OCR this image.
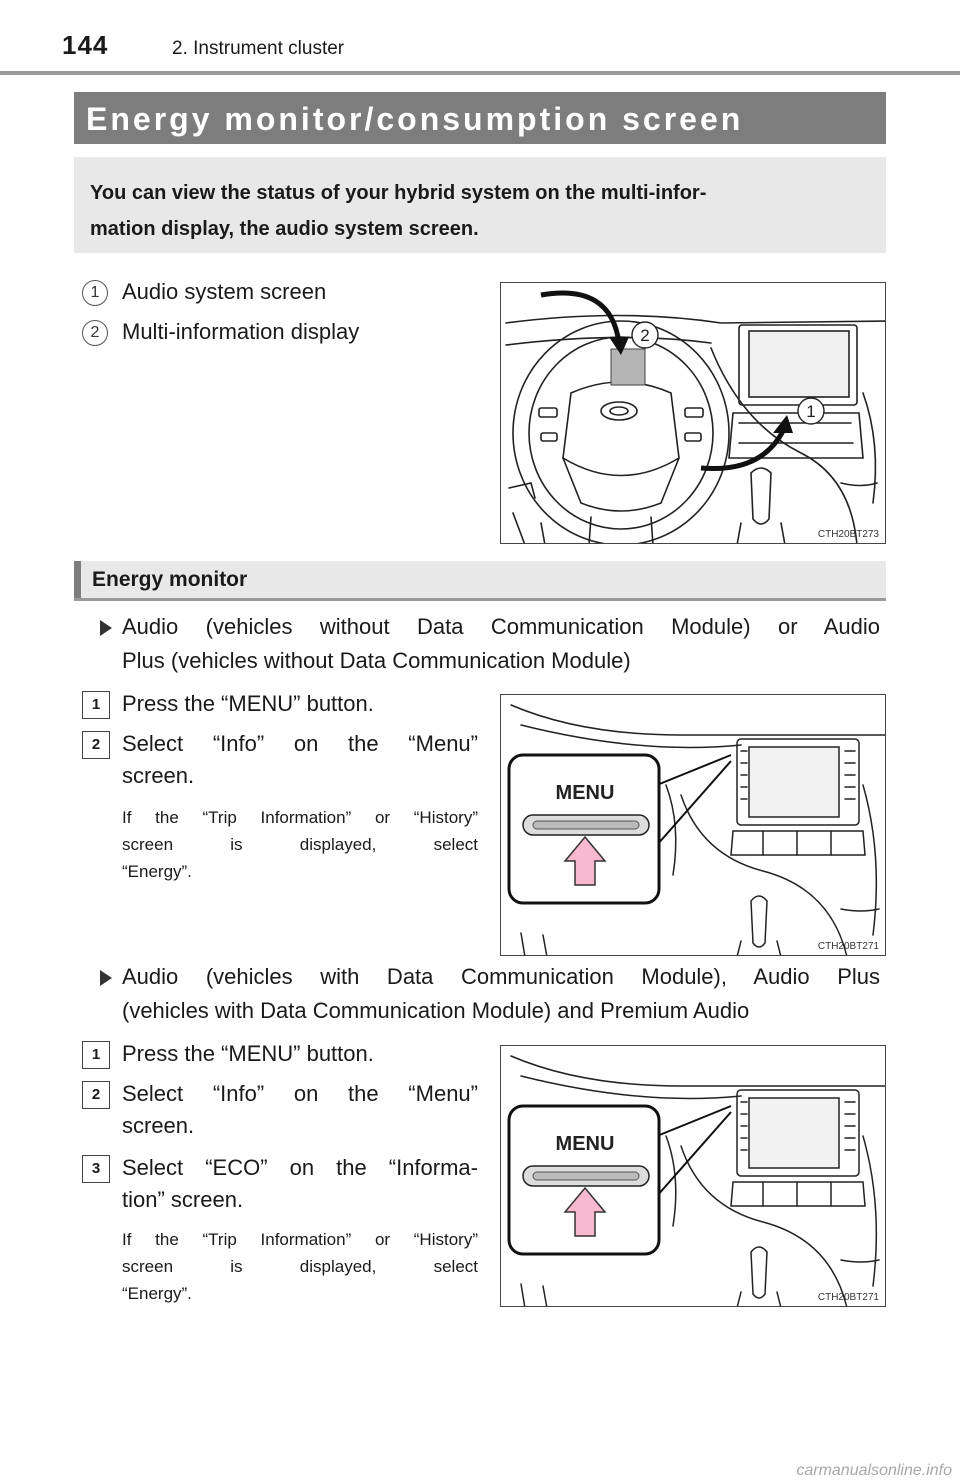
144	2. Instrument cluster
Energy monitor/consumption screen

You can view the status of your hybrid system on the multi-infor-

mation display, the audio system screen.

1	Audio system screen
2	Multi-information display	2
1
CTH20BT273
Energy monitor
Audio (vehicles without Data Communication Module) or Audio
Plus (vehicles without Data Communication Module)
1 Press the “MENU” button.
2 Select “Info” on the “Menu”
screen.
If the “Trip Information” or “History”
screen is displayed, select
“Energy”.
MENU
CTH20BT271
Audio (vehicles with Data Communication Module), Audio Plus
(vehicles with Data Communication Module) and Premium Audio
1 Press the “MENU” button.
2 Select “Info” on the “Menu”
screen.
3 Select “ECO” on the “Informa-
tion” screen.
If the “Trip Information” or “History”
screen is displayed, select
“Energy”.
MENU
CTH20BT271
carmanualsonline.info
